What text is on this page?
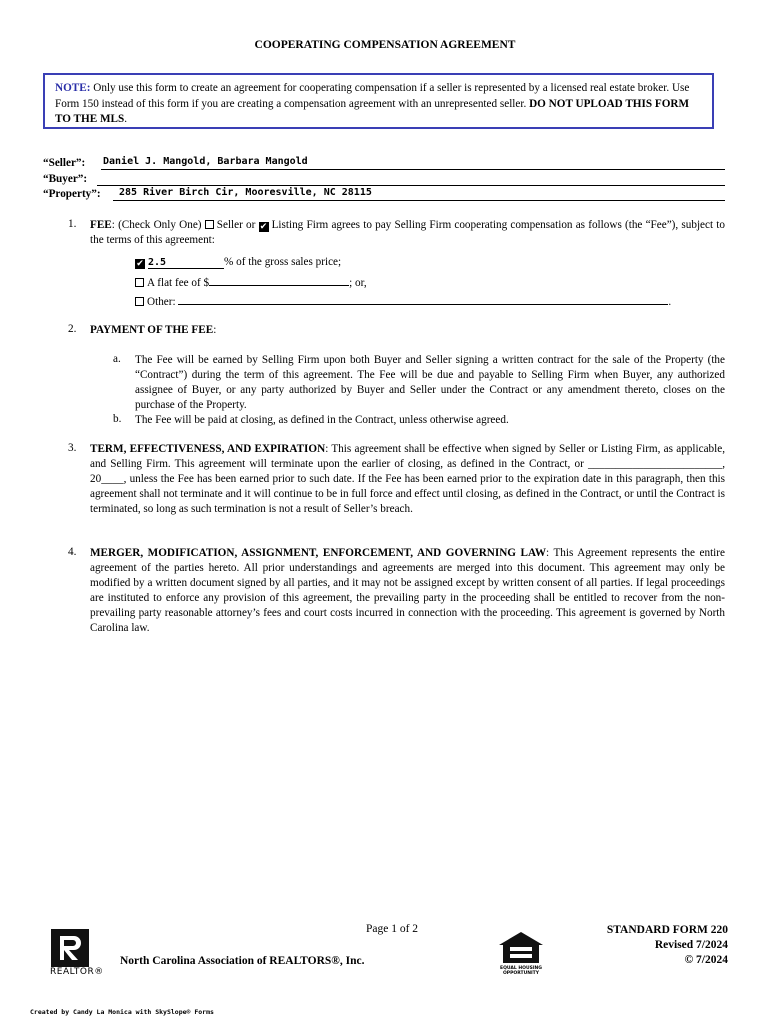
COOPERATING COMPENSATION AGREEMENT
NOTE: Only use this form to create an agreement for cooperating compensation if a seller is represented by a licensed real estate broker. Use Form 150 instead of this form if you are creating a compensation agreement with an unrepresented seller. DO NOT UPLOAD THIS FORM TO THE MLS.
“Seller”: Daniel J. Mangold, Barbara Mangold
“Buyer”:
“Property”: 285 River Birch Cir, Mooresville, NC 28115
1.	FEE: (Check Only One) Seller or ✔ Listing Firm agrees to pay Selling Firm cooperating compensation as follows (the “Fee”), subject to the terms of this agreement:
✔ 2.5	% of the gross sales price;
A flat fee of $	; or,
Other:	.
2.	PAYMENT OF THE FEE:
a. The Fee will be earned by Selling Firm upon both Buyer and Seller signing a written contract for the sale of the Property (the “Contract”) during the term of this agreement. The Fee will be due and payable to Selling Firm when Buyer, any authorized assignee of Buyer, or any party authorized by Buyer and Seller under the Contract or any amendment thereto, closes on the purchase of the Property.
b. The Fee will be paid at closing, as defined in the Contract, unless otherwise agreed.
3.	TERM, EFFECTIVENESS, AND EXPIRATION: This agreement shall be effective when signed by Seller or Listing Firm, as applicable, and Selling Firm. This agreement will terminate upon the earlier of closing, as defined in the Contract, or ________________________, 20____, unless the Fee has been earned prior to such date. If the Fee has been earned prior to the expiration date in this paragraph, then this agreement shall not terminate and it will continue to be in full force and effect until closing, as defined in the Contract, or until the Contract is terminated, so long as such termination is not a result of Seller’s breach.
4.	MERGER, MODIFICATION, ASSIGNMENT, ENFORCEMENT, AND GOVERNING LAW: This Agreement represents the entire agreement of the parties hereto. All prior understandings and agreements are merged into this document. This agreement may only be modified by a written document signed by all parties, and it may not be assigned except by written consent of all parties. If legal proceedings are instituted to enforce any provision of this agreement, the prevailing party in the proceeding shall be entitled to recover from the non-prevailing party reasonable attorney’s fees and court costs incurred in connection with the proceeding. This agreement is governed by North Carolina law.
Page 1 of 2
REALTOR®
North Carolina Association of REALTORS®, Inc.
EQUAL HOUSING OPPORTUNITY
STANDARD FORM 220
Revised 7/2024
© 7/2024
Created by Candy La Monica with SkySlope® Forms
